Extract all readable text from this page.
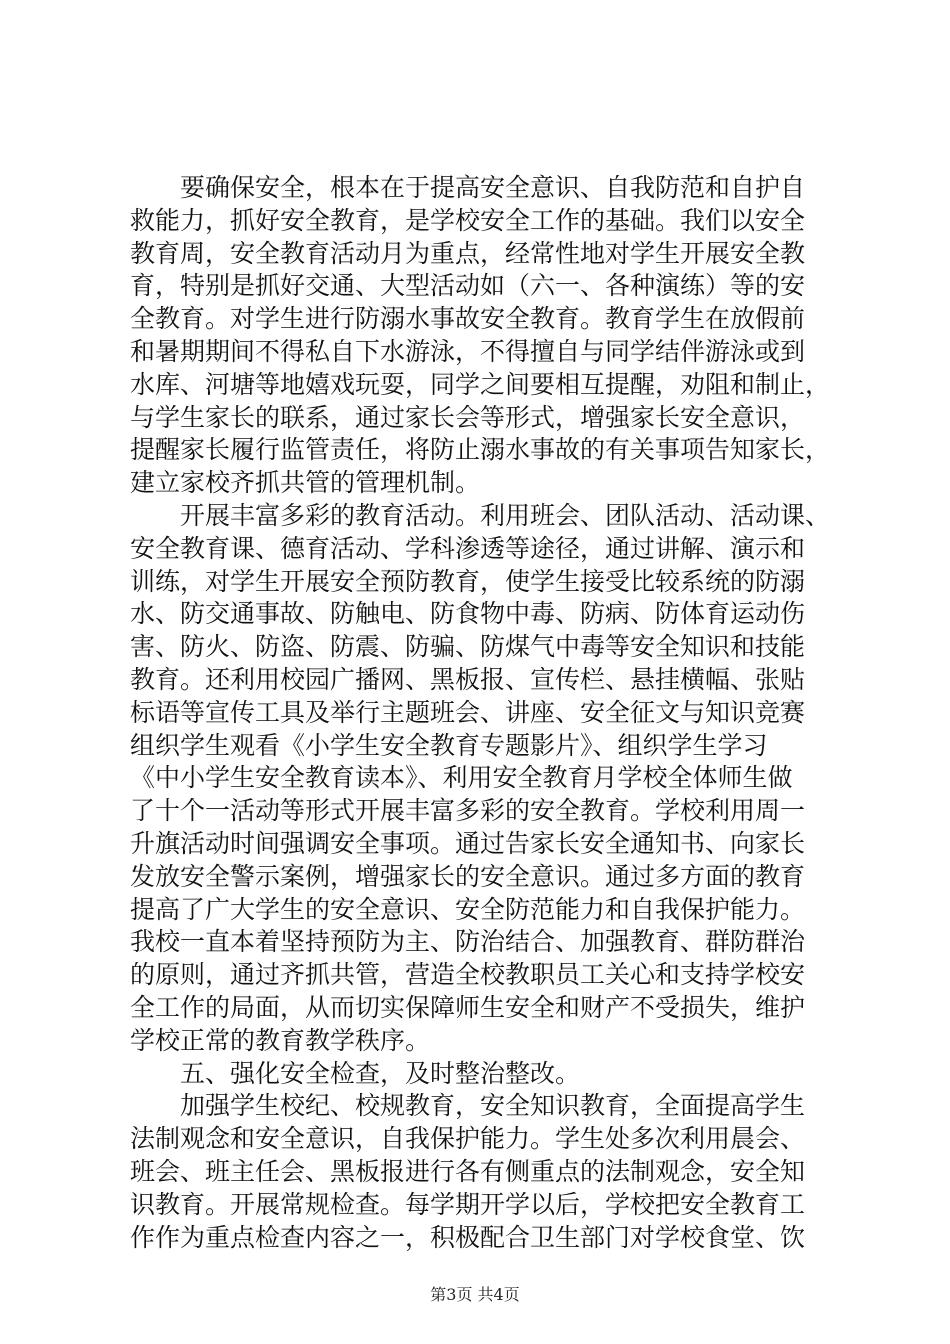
要确保安全，根本在于提高安全意识、自我防范和自护自
救能力，抓好安全教育，是学校安全工作的基础。我们以安全
教育周，安全教育活动月为重点，经常性地对学生开展安全教
育，特别是抓好交通、大型活动如（六一、各种演练）等的安
全教育。对学生进行防溺水事故安全教育。教育学生在放假前
和暑期期间不得私自下水游泳，不得擅自与同学结伴游泳或到
水库、河塘等地嬉戏玩耍，同学之间要相互提醒，劝阻和制止，
与学生家长的联系，通过家长会等形式，增强家长安全意识，
提醒家长履行监管责任，将防止溺水事故的有关事项告知家长，
建立家校齐抓共管的管理机制。
开展丰富多彩的教育活动。利用班会、团队活动、活动课、
安全教育课、德育活动、学科渗透等途径，通过讲解、演示和
训练，对学生开展安全预防教育，使学生接受比较系统的防溺
水、防交通事故、防触电、防食物中毒、防病、防体育运动伤
害、防火、防盗、防震、防骗、防煤气中毒等安全知识和技能
教育。还利用校园广播网、黑板报、宣传栏、悬挂横幅、张贴
标语等宣传工具及举行主题班会、讲座、安全征文与知识竞赛
组织学生观看《小学生安全教育专题影片》、组织学生学习
《中小学生安全教育读本》、利用安全教育月学校全体师生做
了十个一活动等形式开展丰富多彩的安全教育。学校利用周一
升旗活动时间强调安全事项。通过告家长安全通知书、向家长
发放安全警示案例，增强家长的安全意识。通过多方面的教育
提高了广大学生的安全意识、安全防范能力和自我保护能力。
我校一直本着坚持预防为主、防治结合、加强教育、群防群治
的原则，通过齐抓共管，营造全校教职员工关心和支持学校安
全工作的局面，从而切实保障师生安全和财产不受损失，维护
学校正常的教育教学秩序。
五、强化安全检查，及时整治整改。
加强学生校纪、校规教育，安全知识教育，全面提高学生
法制观念和安全意识，自我保护能力。学生处多次利用晨会、
班会、班主任会、黑板报进行各有侧重点的法制观念，安全知
识教育。开展常规检查。每学期开学以后，学校把安全教育工
作作为重点检查内容之一，积极配合卫生部门对学校食堂、饮
第3页 共4页
